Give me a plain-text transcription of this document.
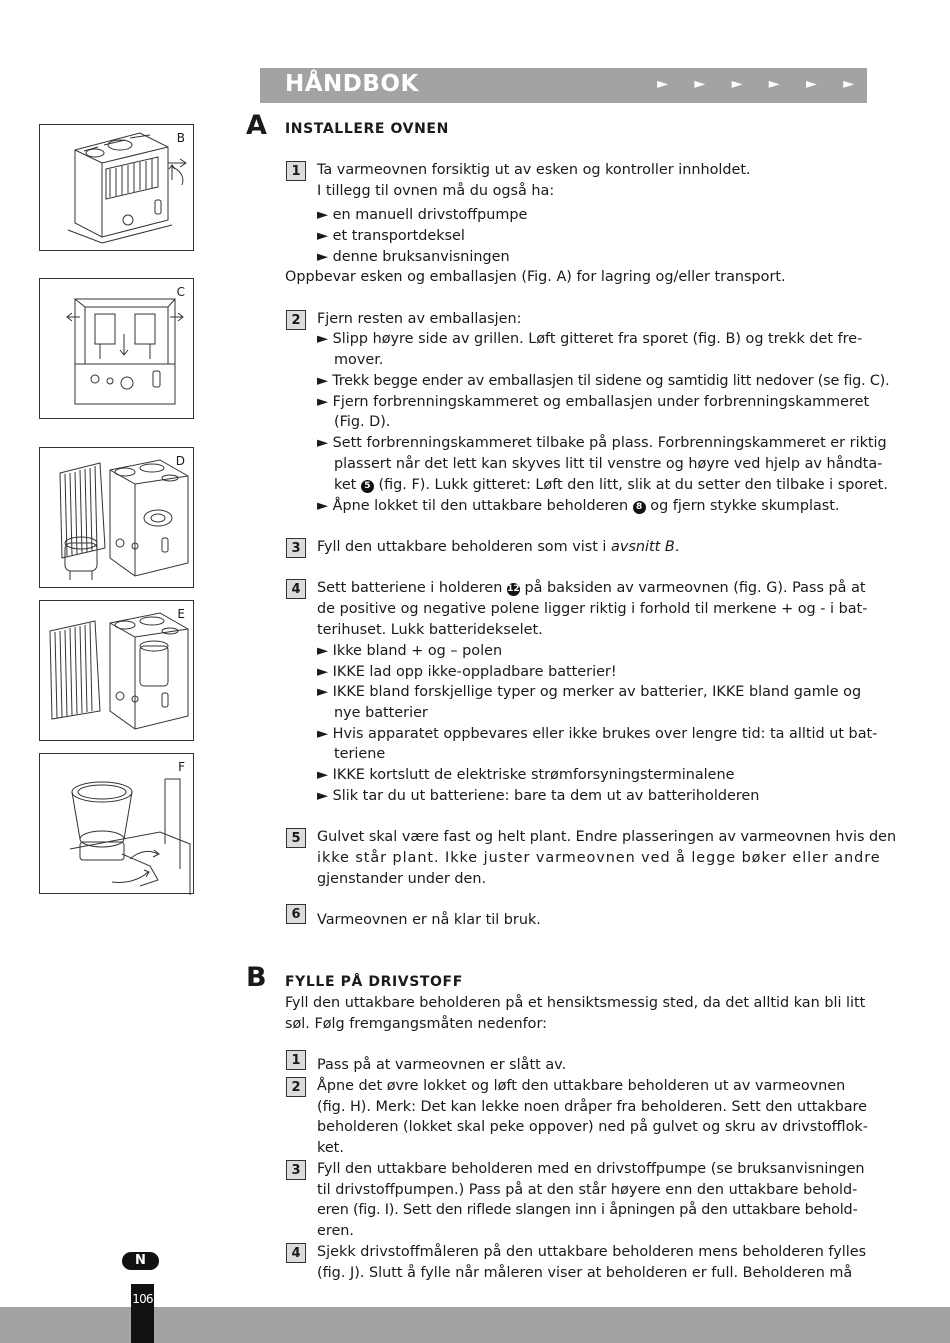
HÅNDBOK	► ► ► ► ► ►
B
C
D
E
F
A INSTALLERE OVNEN
1	Ta varmeovnen forsiktig ut av esken og kontroller innholdet.
I tillegg til ovnen må du også ha:
► en manuell drivstoffpumpe
► et transportdeksel
► denne bruksanvisningen
Oppbevar esken og emballasjen (Fig. A) for lagring og/eller transport.
2	Fjern resten av emballasjen:
► Slipp høyre side av grillen. Løft gitteret fra sporet (fig. B) og trekk det fre-
mover.
► Trekk begge ender av emballasjen til sidene og samtidig litt nedover (se fig. C).
► Fjern forbrenningskammeret og emballasjen under forbrenningskammeret
(Fig. D).
► Sett forbrenningskammeret tilbake på plass. Forbrenningskammeret er riktig
plassert når det lett kan skyves litt til venstre og høyre ved hjelp av håndta-
ket 5 (fig. F). Lukk gitteret: Løft den litt, slik at du setter den tilbake i sporet.
► Åpne lokket til den uttakbare beholderen 8 og fjern stykke skumplast.
3	Fyll den uttakbare beholderen som vist i avsnitt B.
4	Sett batteriene i holderen 12 på baksiden av varmeovnen (fig. G). Pass på at
de positive og negative polene ligger riktig i forhold til merkene + og - i bat-
terihuset. Lukk batteridekselet.
► Ikke bland + og – polen
► IKKE lad opp ikke-oppladbare batterier!
► IKKE bland forskjellige typer og merker av batterier, IKKE bland gamle og
nye batterier
► Hvis apparatet oppbevares eller ikke brukes over lengre tid: ta alltid ut bat-
teriene
► IKKE kortslutt de elektriske strømforsyningsterminalene
► Slik tar du ut batteriene: bare ta dem ut av batteriholderen
5	Gulvet skal være fast og helt plant. Endre plasseringen av varmeovnen hvis den
ikke står plant. Ikke juster varmeovnen ved å legge bøker eller andre
gjenstander under den.
6	Varmeovnen er nå klar til bruk.
B FYLLE PÅ DRIVSTOFF
Fyll den uttakbare beholderen på et hensiktsmessig sted, da det alltid kan bli litt
søl. Følg fremgangsmåten nedenfor:
1	Pass på at varmeovnen er slått av.
2	Åpne det øvre lokket og løft den uttakbare beholderen ut av varmeovnen
(fig. H). Merk: Det kan lekke noen dråper fra beholderen. Sett den uttakbare
beholderen (lokket skal peke oppover) ned på gulvet og skru av drivstofflok-
ket.
3	Fyll den uttakbare beholderen med en drivstoffpumpe (se bruksanvisningen
til drivstoffpumpen.) Pass på at den står høyere enn den uttakbare behold-
eren (fig. I). Sett den riflede slangen inn i åpningen på den uttakbare behold-
eren.
4	Sjekk drivstoffmåleren på den uttakbare beholderen mens beholderen fylles
(fig. J). Slutt å fylle når måleren viser at beholderen er full. Beholderen må
N
106
